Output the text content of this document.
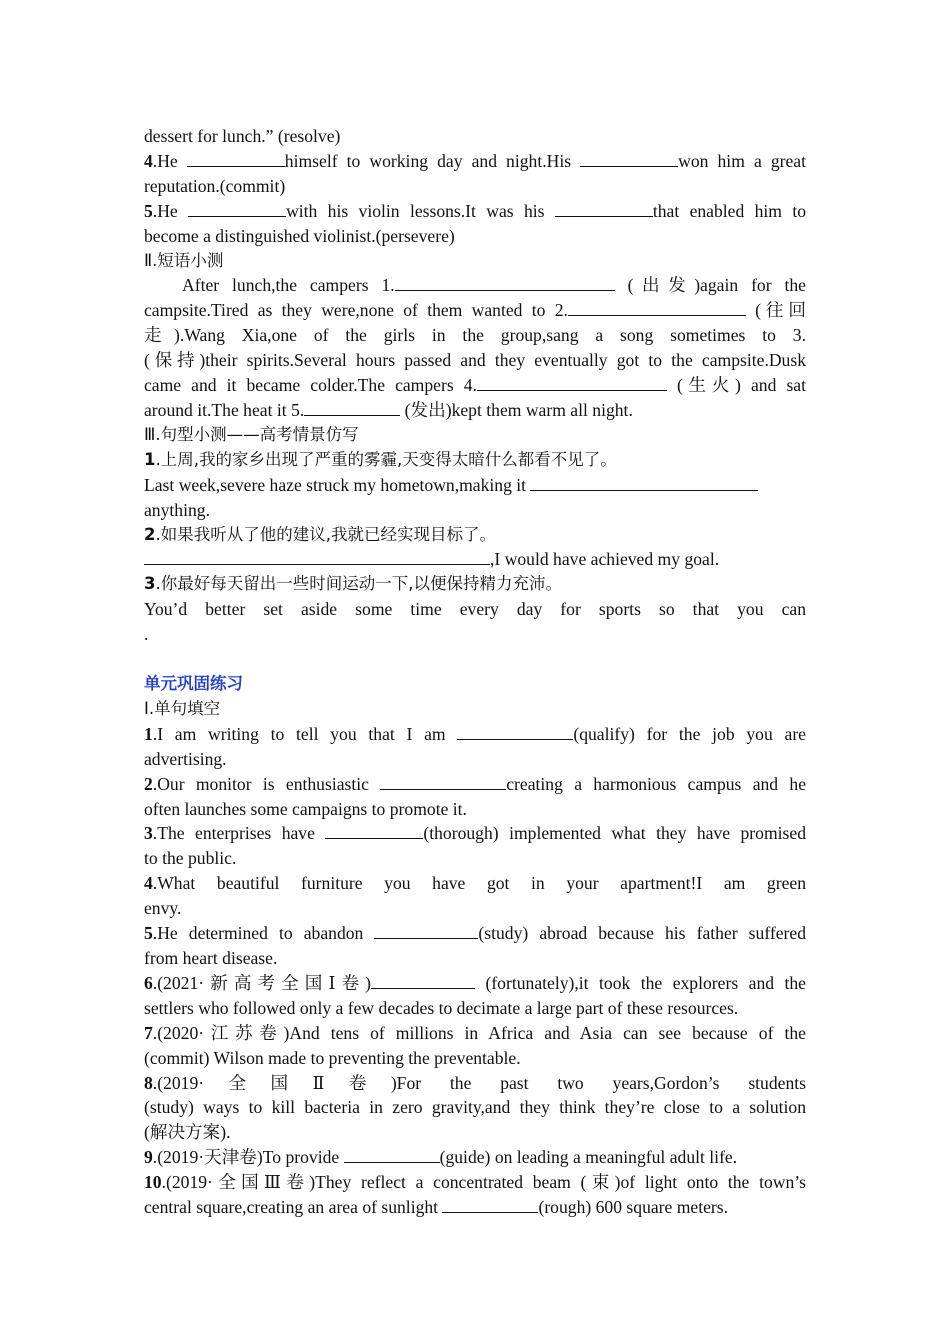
dessert for lunch.” (resolve)
4.He	himself to working day and night.His	won him a great
reputation.(commit)
5.He	with his violin lessons.It was his	that enabled him to
become a distinguished violinist.(persevere)
Ⅱ.短语小测
After lunch,the campers 1.	(出发)again for the
campsite.Tired as they were,none of them wanted to 2.	(往回
走).Wang Xia,one of the girls in the group,sang a song sometimes to 3.
(保持)their spirits.Several hours passed and they eventually got to the campsite.Dusk
came and it became colder.The campers 4.	(生火) and sat
around it.The heat it 5.	(发出)kept them warm all night.
Ⅲ.句型小测——高考情景仿写
1.上周,我的家乡出现了严重的雾霾,天变得太暗什么都看不见了。
Last week,severe haze struck my hometown,making it
anything.
2.如果我听从了他的建议,我就已经实现目标了。
,I would have achieved my goal.
3.你最好每天留出一些时间运动一下,以便保持精力充沛。
You’d better set aside some time every day for sports so that you can
.
单元巩固练习
Ⅰ.单句填空
1.I am writing to tell you that I am	(qualify) for the job you are
advertising.
2.Our monitor is enthusiastic	creating a harmonious campus and he
often launches some campaigns to promote it.
3.The enterprises have	(thorough) implemented what they have promised
to the public.
4.What beautiful furniture you have got in your apartment!I am green
envy.
5.He determined to abandon	(study) abroad because his father suffered
from heart disease.
6.(2021·新高考全国Ⅰ卷)	(fortunately),it took the explorers and the
settlers who followed only a few decades to decimate a large part of these resources.
7.(2020·江苏卷)And tens of millions in Africa and Asia can see because of the
(commit) Wilson made to preventing the preventable.
8.(2019·全国Ⅱ卷)For the past two years,Gordon’s students
(study) ways to kill bacteria in zero gravity,and they think they’re close to a solution
(解决方案).
9.(2019·天津卷)To provide	(guide) on leading a meaningful adult life.
10.(2019·全国Ⅲ卷)They reflect a concentrated beam (束)of light onto the town’s
central square,creating an area of sunlight	(rough) 600 square meters.
